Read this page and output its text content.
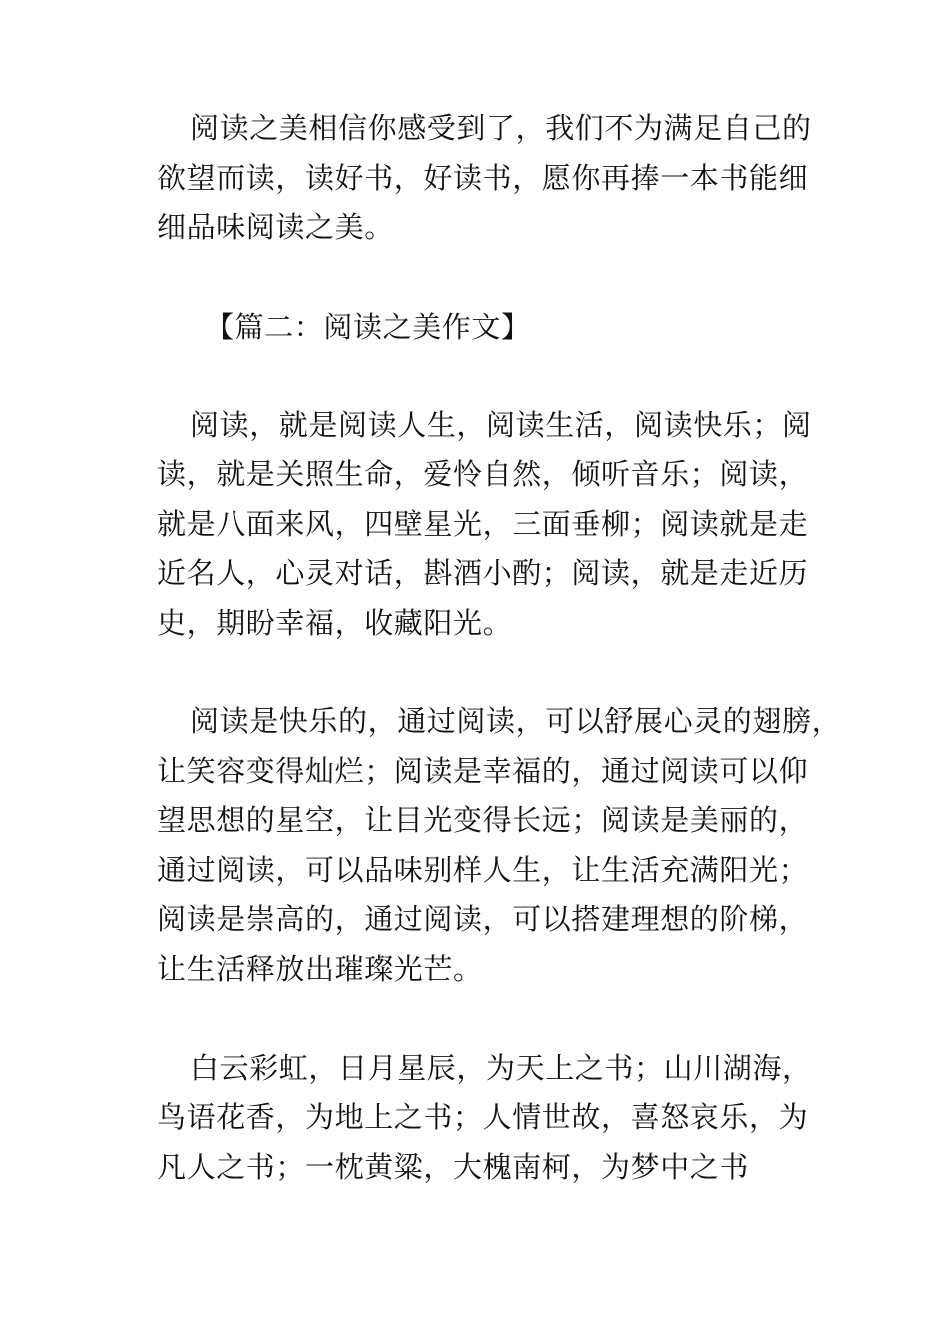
阅读之美相信你感受到了，我们不为满足自己的
欲望而读，读好书，好读书，愿你再捧一本书能细
细品味阅读之美。
【篇二：阅读之美作文】
阅读，就是阅读人生，阅读生活，阅读快乐；阅
读，就是关照生命，爱怜自然，倾听音乐；阅读，
就是八面来风，四壁星光，三面垂柳；阅读就是走
近名人，心灵对话，斟酒小酌；阅读，就是走近历
史，期盼幸福，收藏阳光。
阅读是快乐的，通过阅读，可以舒展心灵的翅膀，
让笑容变得灿烂；阅读是幸福的，通过阅读可以仰
望思想的星空，让目光变得长远；阅读是美丽的，
通过阅读，可以品味别样人生，让生活充满阳光；
阅读是崇高的，通过阅读，可以搭建理想的阶梯，
让生活释放出璀璨光芒。
白云彩虹，日月星辰，为天上之书；山川湖海，
鸟语花香，为地上之书；人情世故，喜怒哀乐，为
凡人之书；一枕黄粱，大槐南柯，为梦中之书
